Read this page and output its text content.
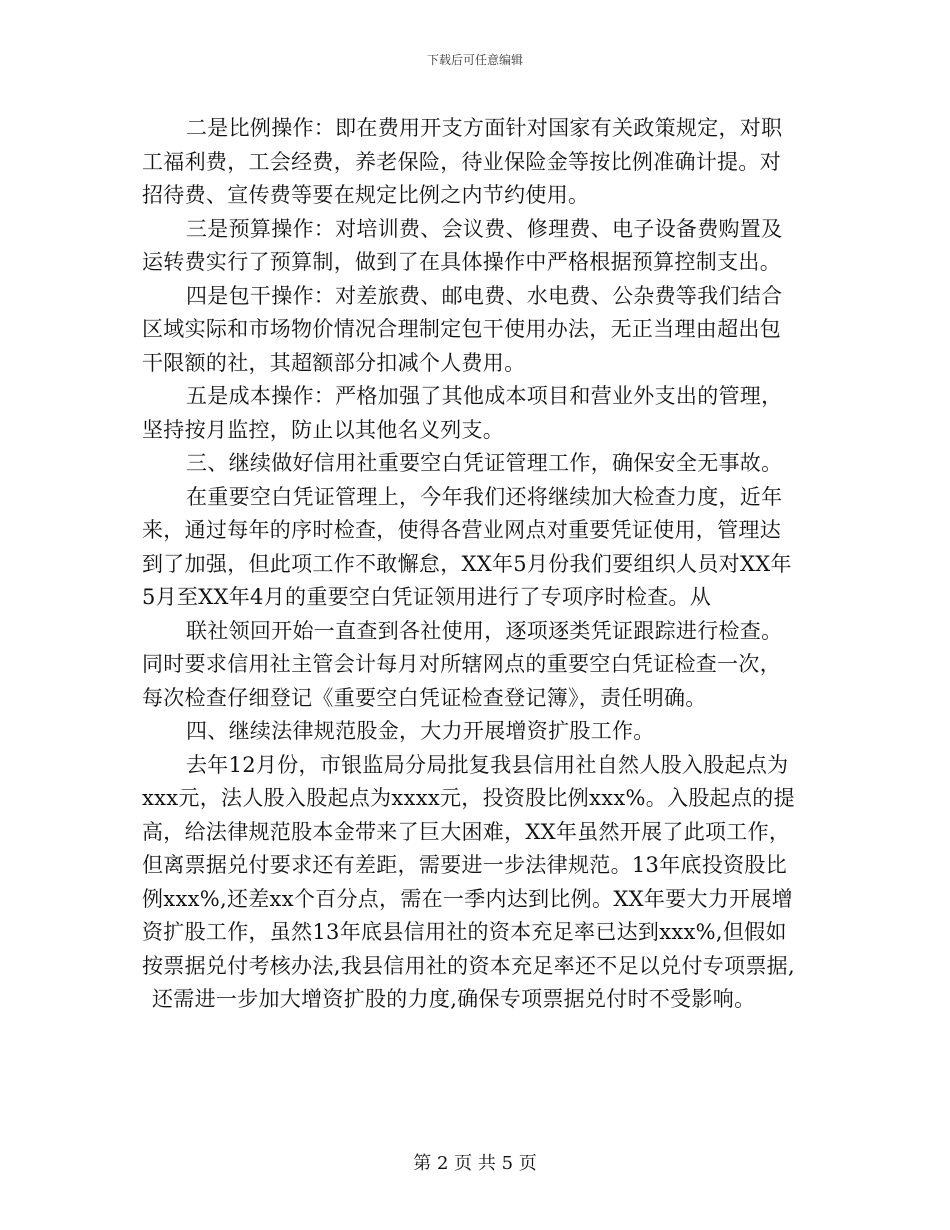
下载后可任意编辑
二是比例操作：即在费用开支方面针对国家有关政策规定，对职
工福利费，工会经费，养老保险，待业保险金等按比例准确计提。对
招待费、宣传费等要在规定比例之内节约使用。
三是预算操作：对培训费、会议费、修理费、电子设备费购置及
运转费实行了预算制，做到了在具体操作中严格根据预算控制支出。
四是包干操作：对差旅费、邮电费、水电费、公杂费等我们结合
区域实际和市场物价情况合理制定包干使用办法，无正当理由超出包
干限额的社，其超额部分扣减个人费用。
五是成本操作：严格加强了其他成本项目和营业外支出的管理，
坚持按月监控，防止以其他名义列支。
三、继续做好信用社重要空白凭证管理工作，确保安全无事故。
在重要空白凭证管理上，今年我们还将继续加大检查力度，近年
来，通过每年的序时检查，使得各营业网点对重要凭证使用，管理达
到了加强，但此项工作不敢懈怠，XX年5月份我们要组织人员对XX年
5月至XX年4月的重要空白凭证领用进行了专项序时检查。从
联社领回开始一直查到各社使用，逐项逐类凭证跟踪进行检查。
同时要求信用社主管会计每月对所辖网点的重要空白凭证检查一次，
每次检查仔细登记《重要空白凭证检查登记簿》，责任明确。
四、继续法律规范股金，大力开展增资扩股工作。
去年12月份，市银监局分局批复我县信用社自然人股入股起点为
xxx元，法人股入股起点为xxxx元，投资股比例xxx%。入股起点的提
高，给法律规范股本金带来了巨大困难，XX年虽然开展了此项工作，
但离票据兑付要求还有差距，需要进一步法律规范。13年底投资股比
例xxx%,还差xx个百分点，需在一季内达到比例。XX年要大力开展增
资扩股工作，虽然13年底县信用社的资本充足率已达到xxx%,但假如
按票据兑付考核办法,我县信用社的资本充足率还不足以兑付专项票据,
还需进一步加大增资扩股的力度,确保专项票据兑付时不受影响。
第 2 页 共 5 页
